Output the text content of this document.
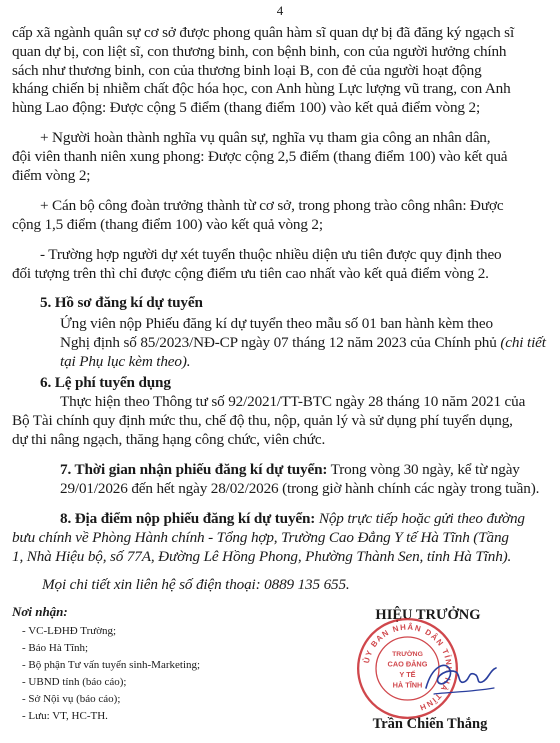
4
cấp xã ngành quân sự cơ sở được phong quân hàm sĩ quan dự bị đã đăng ký ngạch sĩ
quan dự bị, con liệt sĩ, con thương binh, con bệnh binh, con của người hưởng chính
sách như thương binh, con của thương binh loại B, con đẻ của người hoạt động
kháng chiến bị nhiễm chất độc hóa học, con Anh hùng Lực lượng vũ trang, con Anh
hùng Lao động: Được cộng 5 điểm (thang điểm 100) vào kết quả điểm vòng 2;
+ Người hoàn thành nghĩa vụ quân sự, nghĩa vụ tham gia công an nhân dân,
đội viên thanh niên xung phong: Được cộng 2,5 điểm (thang điểm 100) vào kết quả
điểm vòng 2;
+ Cán bộ công đoàn trưởng thành từ cơ sở, trong phong trào công nhân: Được
cộng 1,5 điểm (thang điểm 100) vào kết quả vòng 2;
- Trường hợp người dự xét tuyển thuộc nhiều diện ưu tiên được quy định theo
đối tượng trên thì chỉ được cộng điểm ưu tiên cao nhất vào kết quả điểm vòng 2.
5. Hồ sơ đăng kí dự tuyển
Ứng viên nộp Phiếu đăng kí dự tuyển theo mẫu số 01 ban hành kèm theo
Nghị định số 85/2023/NĐ-CP ngày 07 tháng 12 năm 2023 của Chính phủ (chi tiết
tại Phụ lục kèm theo).
6. Lệ phí tuyển dụng
Thực hiện theo Thông tư số 92/2021/TT-BTC ngày 28 tháng 10 năm 2021 của
Bộ Tài chính quy định mức thu, chế độ thu, nộp, quản lý và sử dụng phí tuyển dụng,
dự thi nâng ngạch, thăng hạng công chức, viên chức.
7. Thời gian nhận phiếu đăng kí dự tuyển: Trong vòng 30 ngày, kể từ ngày
29/01/2026 đến hết ngày 28/02/2026 (trong giờ hành chính các ngày trong tuần).
8. Địa điểm nộp phiếu đăng kí dự tuyển: Nộp trực tiếp hoặc gửi theo đường
bưu chính về Phòng Hành chính - Tổng hợp, Trường Cao Đẳng Y tế Hà Tĩnh (Tầng
1, Nhà Hiệu bộ, số 77A, Đường Lê Hồng Phong, Phường Thành Sen, tỉnh Hà Tĩnh).
Mọi chi tiết xin liên hệ số điện thoại: 0889 135 655.
Nơi nhận:
- VC-LĐHĐ Trường;
- Báo Hà Tĩnh;
- Bộ phận Tư vấn tuyển sinh-Marketing;
- UBND tỉnh (báo cáo);
- Sở Nội vụ (báo cáo);
- Lưu: VT, HC-TH.
HIỆU TRƯỞNG
ỦY BAN NHÂN DÂN TỈNH HÀ TĨNH
TRƯỜNG
CAO ĐẲNG
Y TẾ
HÀ TĨNH
Trần Chiến Thắng
